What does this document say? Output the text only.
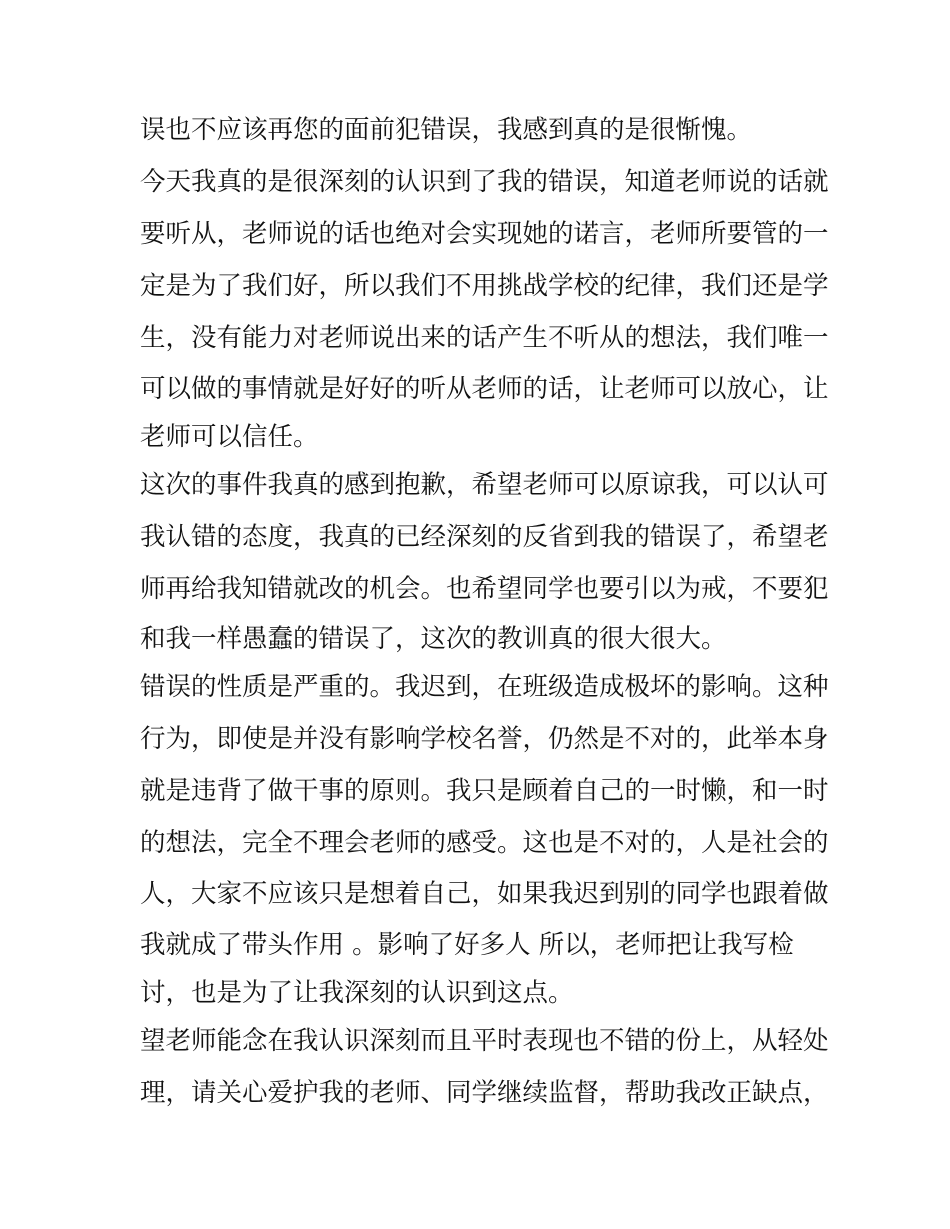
误也不应该再您的面前犯错误，我感到真的是很惭愧。
今天我真的是很深刻的认识到了我的错误，知道老师说的话就
要听从，老师说的话也绝对会实现她的诺言，老师所要管的一
定是为了我们好，所以我们不用挑战学校的纪律，我们还是学
生，没有能力对老师说出来的话产生不听从的想法，我们唯一
可以做的事情就是好好的听从老师的话，让老师可以放心，让
老师可以信任。
这次的事件我真的感到抱歉，希望老师可以原谅我，可以认可
我认错的态度，我真的已经深刻的反省到我的错误了，希望老
师再给我知错就改的机会。也希望同学也要引以为戒，不要犯
和我一样愚蠢的错误了，这次的教训真的很大很大。
错误的性质是严重的。我迟到，在班级造成极坏的影响。这种
行为，即使是并没有影响学校名誉，仍然是不对的，此举本身
就是违背了做干事的原则。我只是顾着自己的一时懒，和一时
的想法，完全不理会老师的感受。这也是不对的，人是社会的
人，大家不应该只是想着自己，如果我迟到别的同学也跟着做
我就成了带头作用 。影响了好多人 所以，老师把让我写检
讨，也是为了让我深刻的认识到这点。
望老师能念在我认识深刻而且平时表现也不错的份上，从轻处
理，请关心爱护我的老师、同学继续监督，帮助我改正缺点，
